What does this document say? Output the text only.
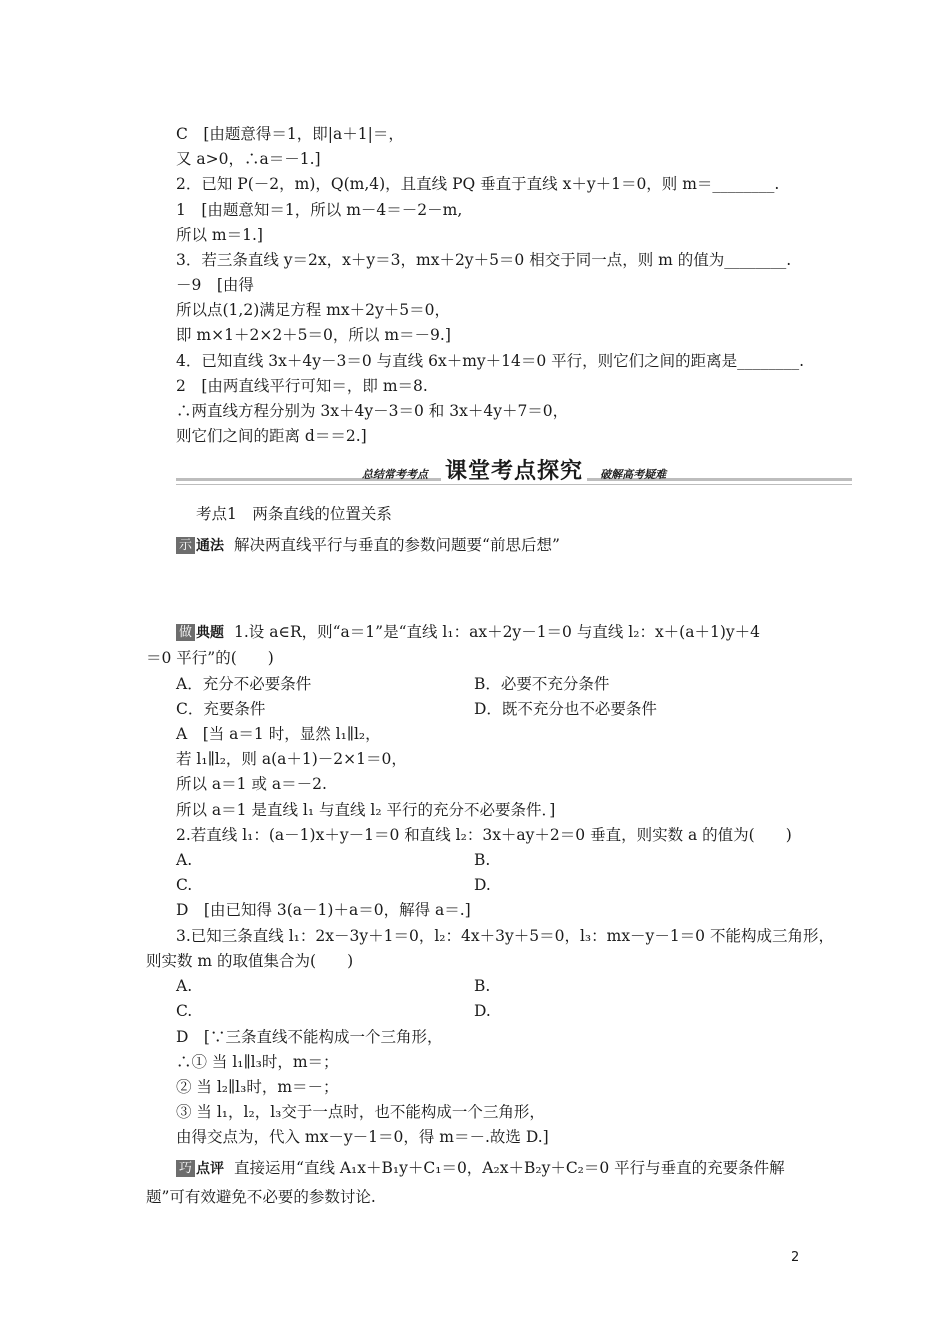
C　[由题意得＝1，即|a＋1|＝，
又 a>0，∴a＝－1.]
2．已知 P(－2，m)，Q(m,4)，且直线 PQ 垂直于直线 x＋y＋1＝0，则 m＝________.
1　[由题意知＝1，所以 m－4＝－2－m,
所以 m＝1.]
3．若三条直线 y＝2x，x＋y＝3，mx＋2y＋5＝0 相交于同一点，则 m 的值为________.
－9　[由得
所以点(1,2)满足方程 mx＋2y＋5＝0，
即 m×1＋2×2＋5＝0，所以 m＝－9.]
4．已知直线 3x＋4y－3＝0 与直线 6x＋my＋14＝0 平行，则它们之间的距离是________.
2　[由两直线平行可知＝，即 m＝8.
∴两直线方程分别为 3x＋4y－3＝0 和 3x＋4y＋7＝0，
则它们之间的距离 d＝＝2.]
总结常考考点 课堂考点探究 破解高考疑难
考点1　两条直线的位置关系
示 通法 解决两直线平行与垂直的参数问题要“前思后想”
做 典题 1.设 a∈R，则“a＝1”是“直线 l₁：ax＋2y－1＝0 与直线 l₂：x＋(a＋1)y＋4
＝0 平行”的(　　)
A．充分不必要条件	B．必要不充分条件
C．充要条件	D．既不充分也不必要条件
A　[当 a＝1 时，显然 l₁∥l₂，
若 l₁∥l₂，则 a(a＋1)－2×1＝0，
所以 a＝1 或 a＝－2.
所以 a＝1 是直线 l₁ 与直线 l₂ 平行的充分不必要条件．]
2.若直线 l₁：(a－1)x＋y－1＝0 和直线 l₂：3x＋ay＋2＝0 垂直，则实数 a 的值为(　　)
A.	B.
C.	D.
D　[由已知得 3(a－1)＋a＝0，解得 a＝.]
3.已知三条直线 l₁：2x－3y＋1＝0，l₂：4x＋3y＋5＝0，l₃：mx－y－1＝0 不能构成三角形，
则实数 m 的取值集合为(　　)
A.	B.
C.	D.
D　[∵三条直线不能构成一个三角形，
∴① 当 l₁∥l₃时，m＝；
② 当 l₂∥l₃时，m＝－；
③ 当 l₁，l₂，l₃交于一点时，也不能构成一个三角形，
由得交点为，代入 mx－y－1＝0，得 m＝－.故选 D.]
巧 点评 直接运用“直线 A₁x＋B₁y＋C₁＝0，A₂x＋B₂y＋C₂＝0 平行与垂直的充要条件解
题”可有效避免不必要的参数讨论.
2
